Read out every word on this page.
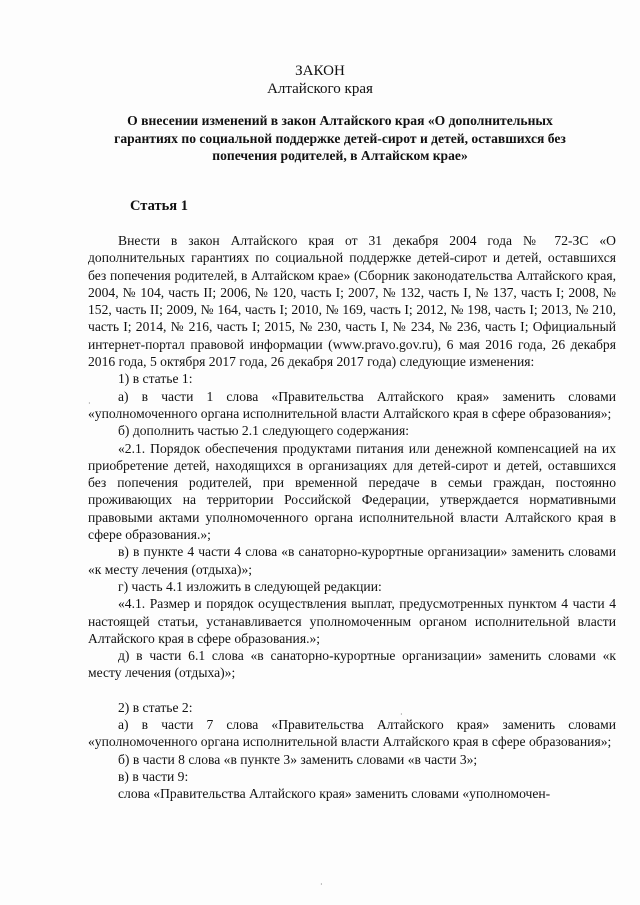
ЗАКОН
Алтайского края
О внесении изменений в закон Алтайского края «О дополнительных гарантиях по социальной поддержке детей-сирот и детей, оставшихся без попечения родителей, в Алтайском крае»
Статья 1

Внести в закон Алтайского края от 31 декабря 2004 года № 72-ЗС «О дополнительных гарантиях по социальной поддержке детей-сирот и детей, оставшихся без попечения родителей, в Алтайском крае» (Сборник законодательства Алтайского края, 2004, № 104, часть II; 2006, № 120, часть I; 2007, № 132, часть I, № 137, часть I; 2008, № 152, часть II; 2009, № 164, часть I; 2010, № 169, часть I; 2012, № 198, часть I; 2013, № 210, часть I; 2014, № 216, часть I; 2015, № 230, часть I, № 234, № 236, часть I; Официальный интернет-портал правовой информации (www.pravo.gov.ru), 6 мая 2016 года, 26 декабря 2016 года, 5 октября 2017 года, 26 декабря 2017 года) следующие изменения:

1) в статье 1:

а) в части 1 слова «Правительства Алтайского края» заменить словами «уполномоченного органа исполнительной власти Алтайского края в сфере образования»;

б) дополнить частью 2.1 следующего содержания:

«2.1. Порядок обеспечения продуктами питания или денежной компенсацией на их приобретение детей, находящихся в организациях для детей-сирот и детей, оставшихся без попечения родителей, при временной передаче в семьи граждан, постоянно проживающих на территории Российской Федерации, утверждается нормативными правовыми актами уполномоченного органа исполнительной власти Алтайского края в сфере образования.»;

в) в пункте 4 части 4 слова «в санаторно-курортные организации» заменить словами «к месту лечения (отдыха)»;

г) часть 4.1 изложить в следующей редакции:

«4.1. Размер и порядок осуществления выплат, предусмотренных пунктом 4 части 4 настоящей статьи, устанавливается уполномоченным органом исполнительной власти Алтайского края в сфере образования.»;

д) в части 6.1 слова «в санаторно-курортные организации» заменить словами «к месту лечения (отдыха)»;

2) в статье 2:

а) в части 7 слова «Правительства Алтайского края» заменить словами «уполномоченного органа исполнительной власти Алтайского края в сфере образования»;

б) в части 8 слова «в пункте 3» заменить словами «в части 3»;

в) в части 9:

слова «Правительства Алтайского края» заменить словами «уполномочен-

·
·
·
